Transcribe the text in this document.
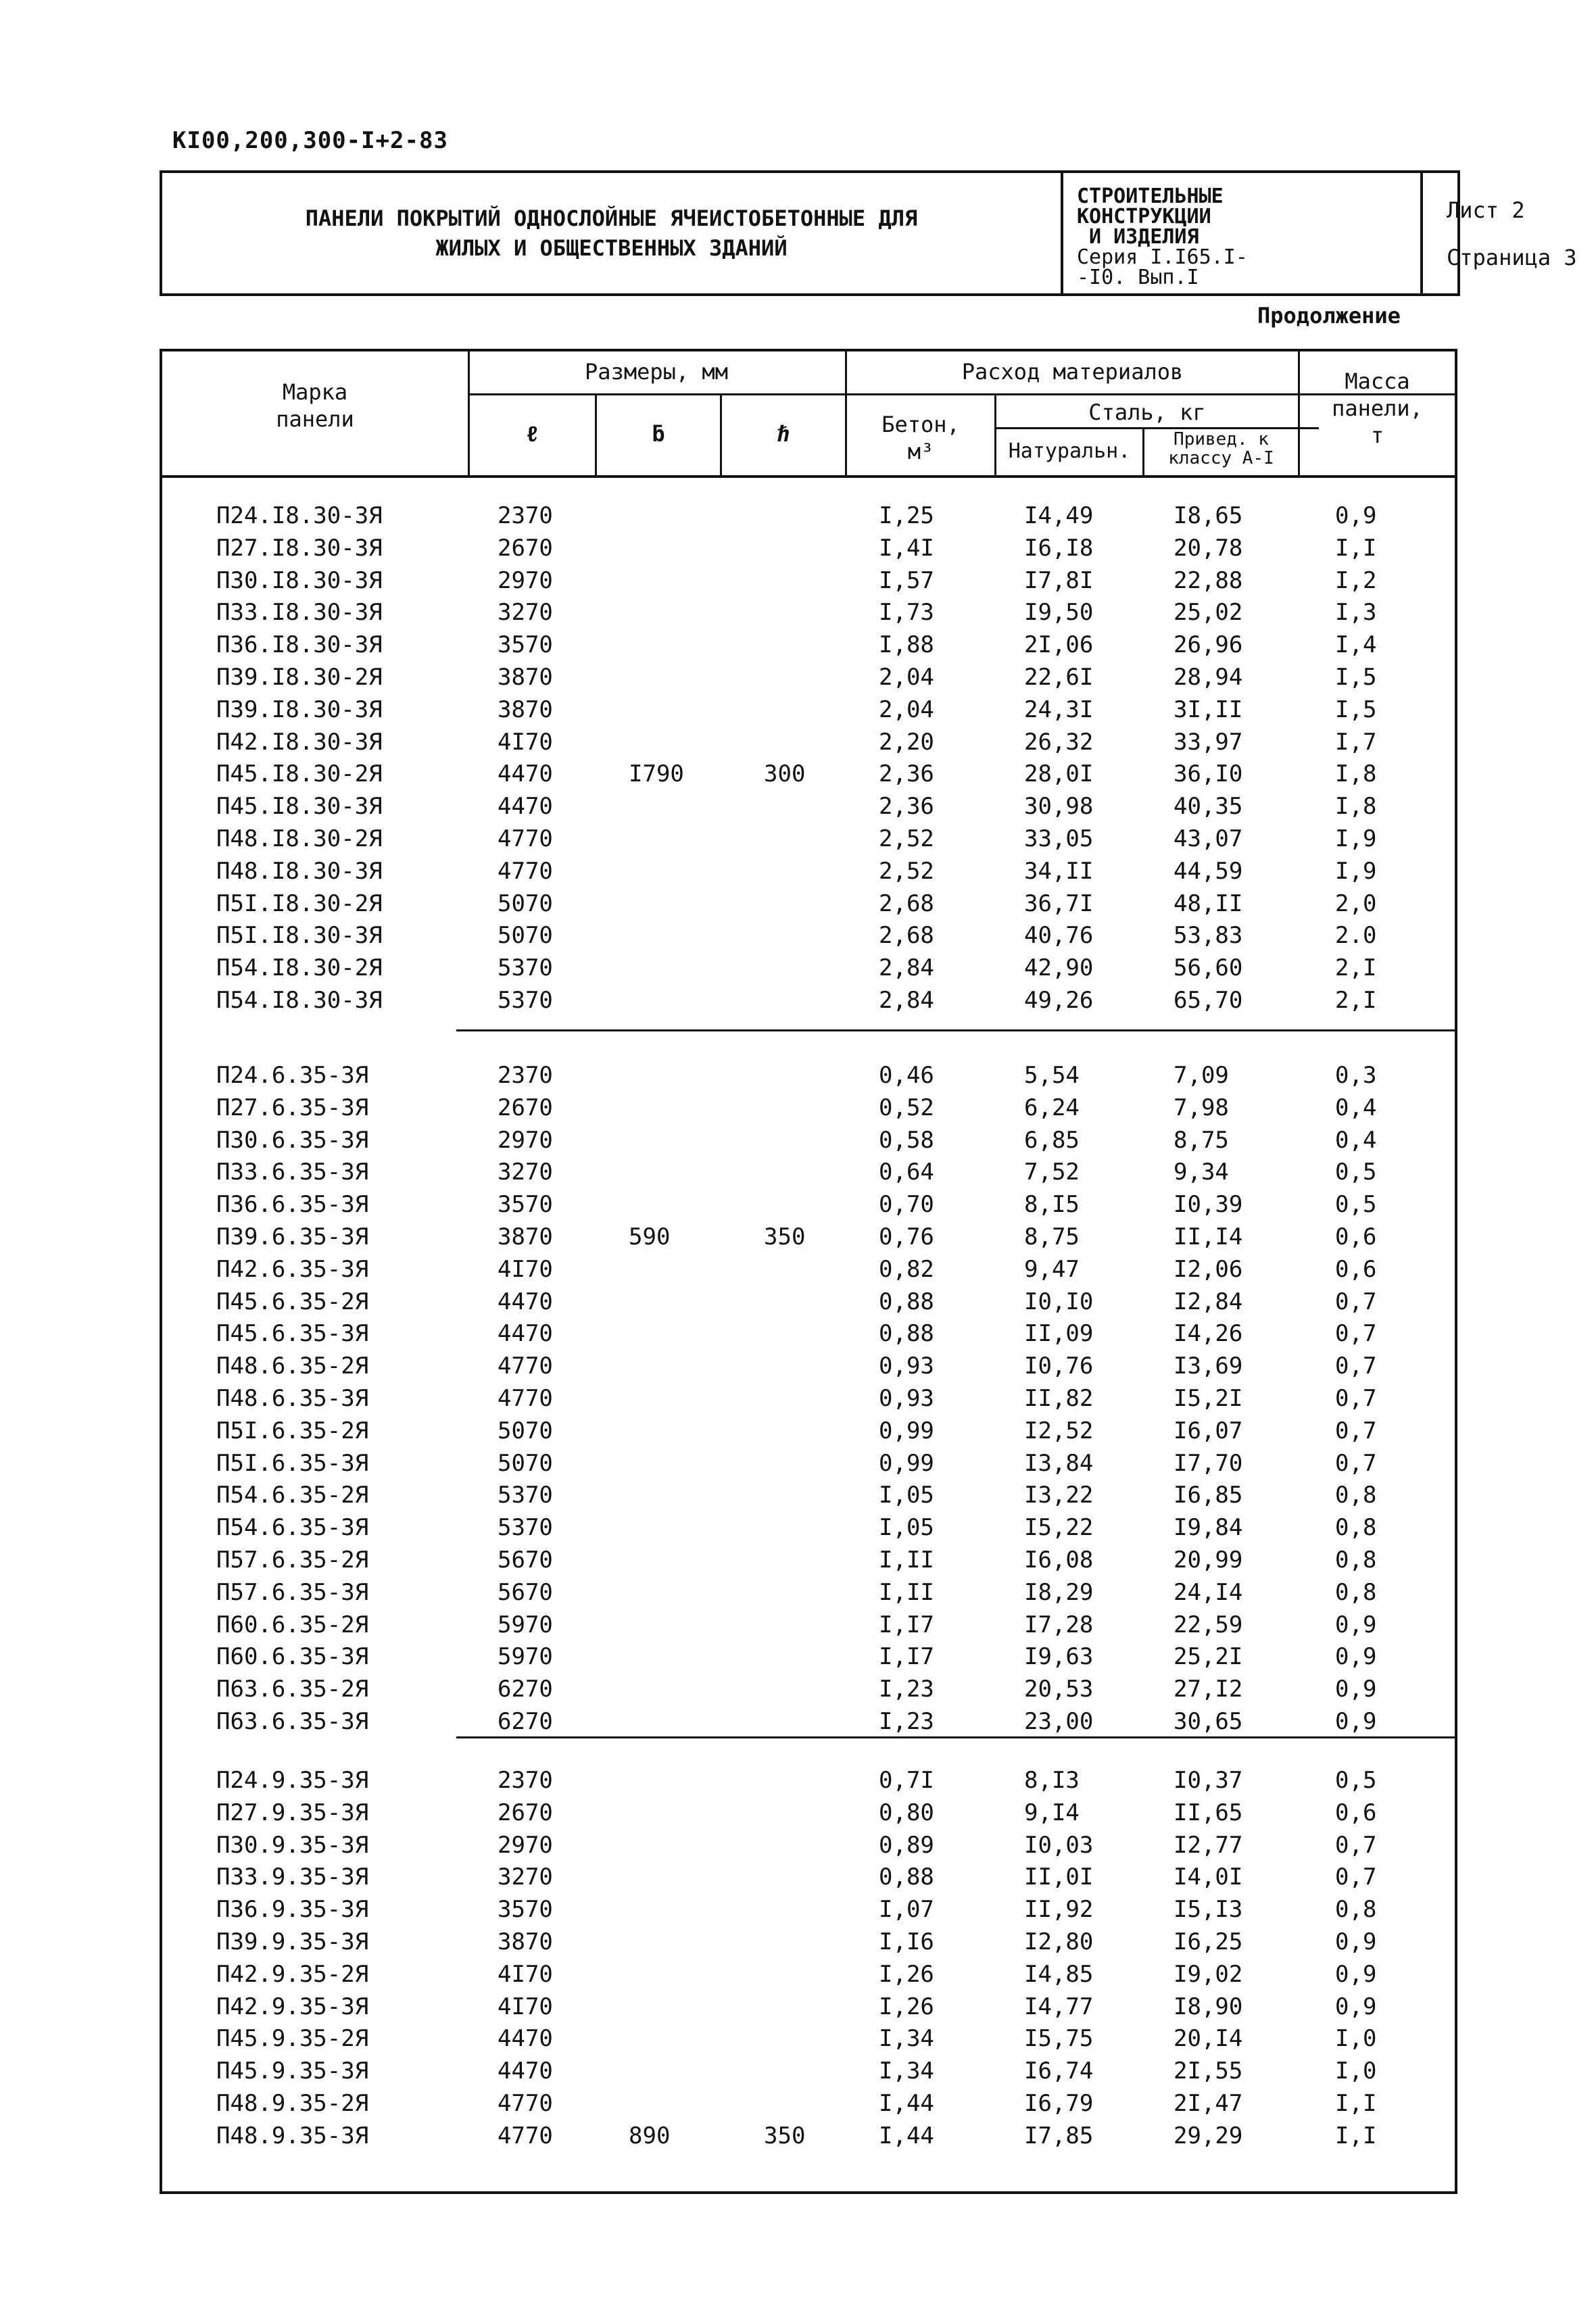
КI00,200,300-I+2-83
ПАНЕЛИ ПОКРЫТИЙ ОДНОСЛОЙНЫЕ ЯЧЕИСТОБЕТОННЫЕ ДЛЯ
ЖИЛЫХ И ОБЩЕСТВЕННЫХ ЗДАНИЙ
СТРОИТЕЛЬНЫЕ
КОНСТРУКЦИИ
И ИЗДЕЛИЯ
Серия I.I65.I-
-I0. Вып.I
Лист 2
Страница 3
Продолжение
Марка
панели
Размеры, мм
ℓ	ƃ	ℏ
Расход материалов
Бетон,
м³
Сталь, кг
Натуральн.	Привед. к
классу А-I
Масса
панели,
т
П24.I8.30-3Я	2370	I,25	I4,49	I8,65	0,9
П27.I8.30-3Я	2670	I,4I	I6,I8	20,78	I,I
П30.I8.30-3Я	2970	I,57	I7,8I	22,88	I,2
П33.I8.30-3Я	3270	I,73	I9,50	25,02	I,3
П36.I8.30-3Я	3570	I,88	2I,06	26,96	I,4
П39.I8.30-2Я	3870	2,04	22,6I	28,94	I,5
П39.I8.30-3Я	3870	2,04	24,3I	3I,II	I,5
П42.I8.30-3Я	4I70	2,20	26,32	33,97	I,7
П45.I8.30-2Я	4470	I790	300	2,36	28,0I	36,I0	I,8
П45.I8.30-3Я	4470	2,36	30,98	40,35	I,8
П48.I8.30-2Я	4770	2,52	33,05	43,07	I,9
П48.I8.30-3Я	4770	2,52	34,II	44,59	I,9
П5I.I8.30-2Я	5070	2,68	36,7I	48,II	2,0
П5I.I8.30-3Я	5070	2,68	40,76	53,83	2.0
П54.I8.30-2Я	5370	2,84	42,90	56,60	2,I
П54.I8.30-3Я	5370	2,84	49,26	65,70	2,I
П24.6.35-3Я	2370	0,46	5,54	7,09	0,3
П27.6.35-3Я	2670	0,52	6,24	7,98	0,4
П30.6.35-3Я	2970	0,58	6,85	8,75	0,4
П33.6.35-3Я	3270	0,64	7,52	9,34	0,5
П36.6.35-3Я	3570	0,70	8,I5	I0,39	0,5
П39.6.35-3Я	3870	590	350	0,76	8,75	II,I4	0,6
П42.6.35-3Я	4I70	0,82	9,47	I2,06	0,6
П45.6.35-2Я	4470	0,88	I0,I0	I2,84	0,7
П45.6.35-3Я	4470	0,88	II,09	I4,26	0,7
П48.6.35-2Я	4770	0,93	I0,76	I3,69	0,7
П48.6.35-3Я	4770	0,93	II,82	I5,2I	0,7
П5I.6.35-2Я	5070	0,99	I2,52	I6,07	0,7
П5I.6.35-3Я	5070	0,99	I3,84	I7,70	0,7
П54.6.35-2Я	5370	I,05	I3,22	I6,85	0,8
П54.6.35-3Я	5370	I,05	I5,22	I9,84	0,8
П57.6.35-2Я	5670	I,II	I6,08	20,99	0,8
П57.6.35-3Я	5670	I,II	I8,29	24,I4	0,8
П60.6.35-2Я	5970	I,I7	I7,28	22,59	0,9
П60.6.35-3Я	5970	I,I7	I9,63	25,2I	0,9
П63.6.35-2Я	6270	I,23	20,53	27,I2	0,9
П63.6.35-3Я	6270	I,23	23,00	30,65	0,9
П24.9.35-3Я	2370	0,7I	8,I3	I0,37	0,5
П27.9.35-3Я	2670	0,80	9,I4	II,65	0,6
П30.9.35-3Я	2970	0,89	I0,03	I2,77	0,7
П33.9.35-3Я	3270	0,88	II,0I	I4,0I	0,7
П36.9.35-3Я	3570	I,07	II,92	I5,I3	0,8
П39.9.35-3Я	3870	I,I6	I2,80	I6,25	0,9
П42.9.35-2Я	4I70	I,26	I4,85	I9,02	0,9
П42.9.35-3Я	4I70	I,26	I4,77	I8,90	0,9
П45.9.35-2Я	4470	I,34	I5,75	20,I4	I,0
П45.9.35-3Я	4470	I,34	I6,74	2I,55	I,0
П48.9.35-2Я	4770	I,44	I6,79	2I,47	I,I
П48.9.35-3Я	4770	890	350	I,44	I7,85	29,29	I,I
